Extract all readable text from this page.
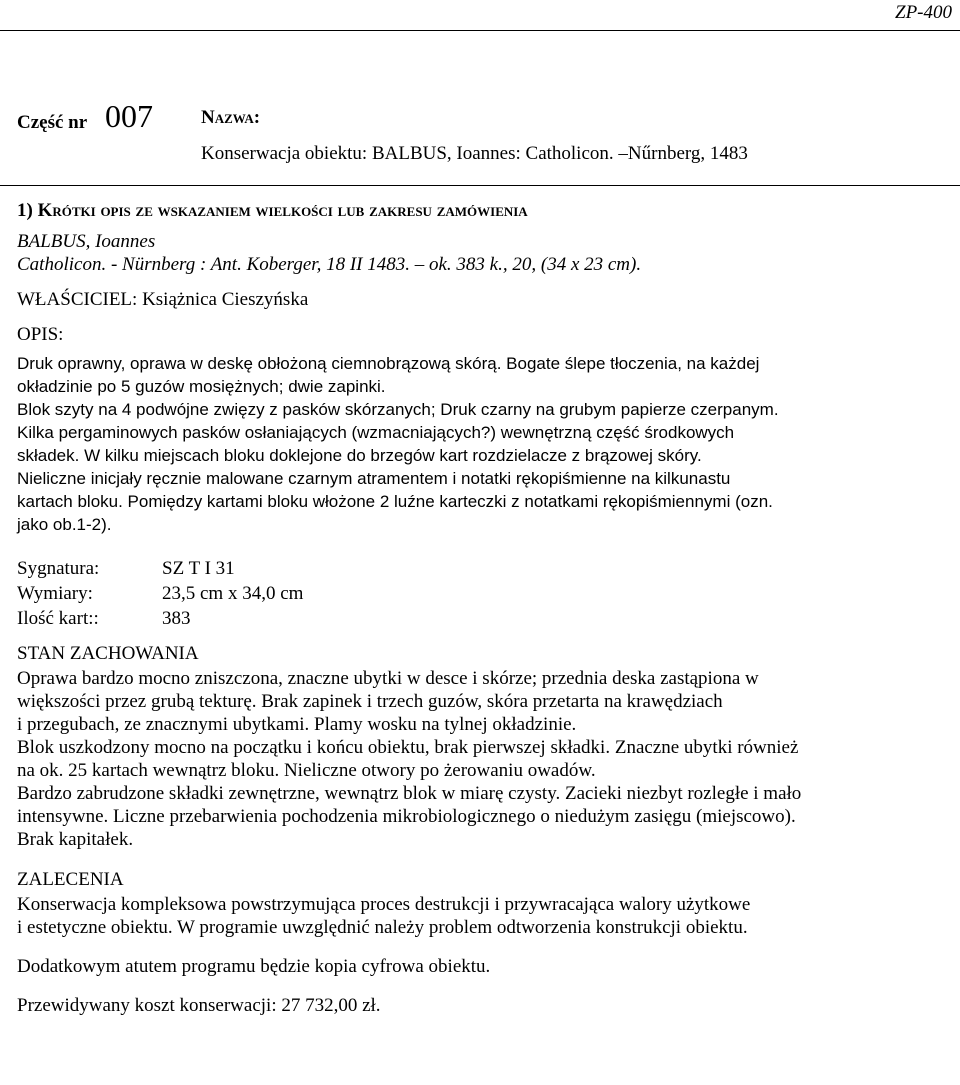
ZP-400
Część nr 007	Nazwa:
Konserwacja obiektu: BALBUS, Ioannes: Catholicon. –Nűrnberg, 1483
1) Krótki opis ze wskazaniem wielkości lub zakresu zamówienia
BALBUS, Ioannes
Catholicon. - Nürnberg : Ant. Koberger, 18 II 1483. – ok. 383 k., 20, (34 x 23 cm).
WŁAŚCICIEL: Książnica Cieszyńska
OPIS:
Druk oprawny, oprawa w deskę obłożoną ciemnobrązową skórą. Bogate ślepe tłoczenia, na każdej
okładzinie po 5 guzów mosiężnych; dwie zapinki.
Blok szyty na 4 podwójne zwięzy z pasków skórzanych; Druk czarny na grubym papierze czerpanym.
Kilka pergaminowych pasków osłaniających (wzmacniających?) wewnętrzną część środkowych
składek. W kilku miejscach bloku doklejone do brzegów kart rozdzielacze z brązowej skóry.
Nieliczne inicjały ręcznie malowane czarnym atramentem i notatki rękopiśmienne na kilkunastu
kartach bloku. Pomiędzy kartami bloku włożone 2 luźne karteczki z notatkami rękopiśmiennymi (ozn.
jako ob.1-2).
Sygnatura:	SZ T I 31
Wymiary:	23,5 cm x 34,0 cm
Ilość kart::	383
STAN ZACHOWANIA
Oprawa bardzo mocno zniszczona, znaczne ubytki w desce i skórze; przednia deska zastąpiona w
większości przez grubą tekturę. Brak zapinek i trzech guzów, skóra przetarta na krawędziach
i przegubach, ze znacznymi ubytkami. Plamy wosku na tylnej okładzinie.
Blok uszkodzony mocno na początku i końcu obiektu, brak pierwszej składki. Znaczne ubytki również
na ok. 25 kartach wewnątrz bloku. Nieliczne otwory po żerowaniu owadów.
Bardzo zabrudzone składki zewnętrzne, wewnątrz blok w miarę czysty. Zacieki niezbyt rozległe i mało
intensywne. Liczne przebarwienia pochodzenia mikrobiologicznego o niedużym zasięgu (miejscowo).
Brak kapitałek.
ZALECENIA
Konserwacja kompleksowa powstrzymująca proces destrukcji i przywracająca walory użytkowe
i estetyczne obiektu. W programie uwzględnić należy problem odtworzenia konstrukcji obiektu.
Dodatkowym atutem programu będzie kopia cyfrowa obiektu.
Przewidywany koszt konserwacji: 27 732,00 zł.
